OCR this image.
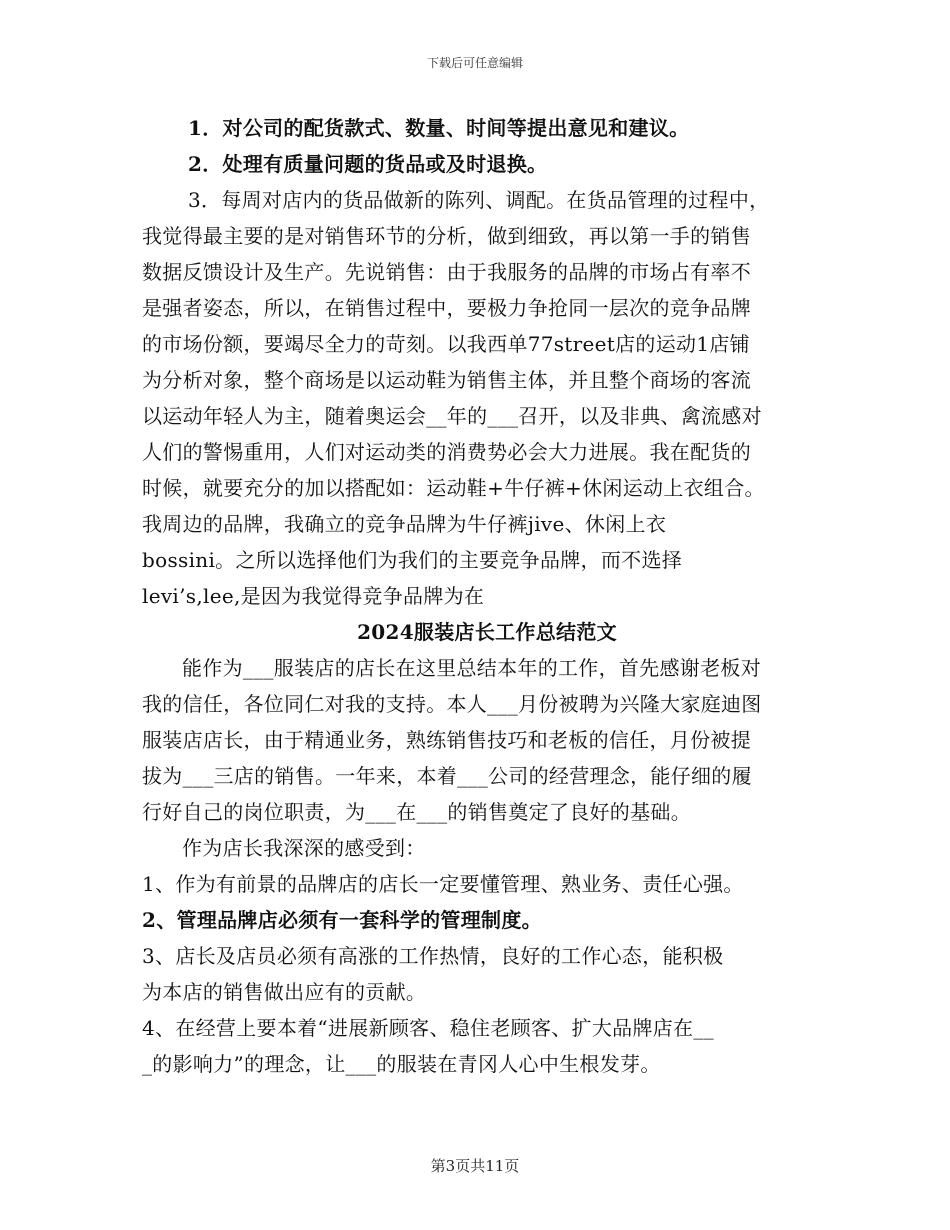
下载后可任意编辑
1．对公司的配货款式、数量、时间等提出意见和建议。
2．处理有质量问题的货品或及时退换。
3．每周对店内的货品做新的陈列、调配。在货品管理的过程中，
我觉得最主要的是对销售环节的分析，做到细致，再以第一手的销售
数据反馈设计及生产。先说销售：由于我服务的品牌的市场占有率不
是强者姿态，所以，在销售过程中，要极力争抢同一层次的竞争品牌
的市场份额，要竭尽全力的苛刻。以我西单77street店的运动1店铺
为分析对象，整个商场是以运动鞋为销售主体，并且整个商场的客流
以运动年轻人为主，随着奥运会__年的___召开，以及非典、禽流感对
人们的警惕重用，人们对运动类的消费势必会大力进展。我在配货的
时候，就要充分的加以搭配如：运动鞋+牛仔裤+休闲运动上衣组合。
我周边的品牌，我确立的竞争品牌为牛仔裤jive、休闲上衣
bossini。之所以选择他们为我们的主要竞争品牌，而不选择
levi’s,lee,是因为我觉得竞争品牌为在
2024服装店长工作总结范文
能作为___服装店的店长在这里总结本年的工作，首先感谢老板对
我的信任，各位同仁对我的支持。本人___月份被聘为兴隆大家庭迪图
服装店店长，由于精通业务，熟练销售技巧和老板的信任，月份被提
拔为___三店的销售。一年来，本着___公司的经营理念，能仔细的履
行好自己的岗位职责，为___在___的销售奠定了良好的基础。
作为店长我深深的感受到：
1、作为有前景的品牌店的店长一定要懂管理、熟业务、责任心强。
2、管理品牌店必须有一套科学的管理制度。
3、店长及店员必须有高涨的工作热情，良好的工作心态，能积极
为本店的销售做出应有的贡献。
4、在经营上要本着“进展新顾客、稳住老顾客、扩大品牌店在__
_的影响力”的理念，让___的服装在青冈人心中生根发芽。
第3页共11页
